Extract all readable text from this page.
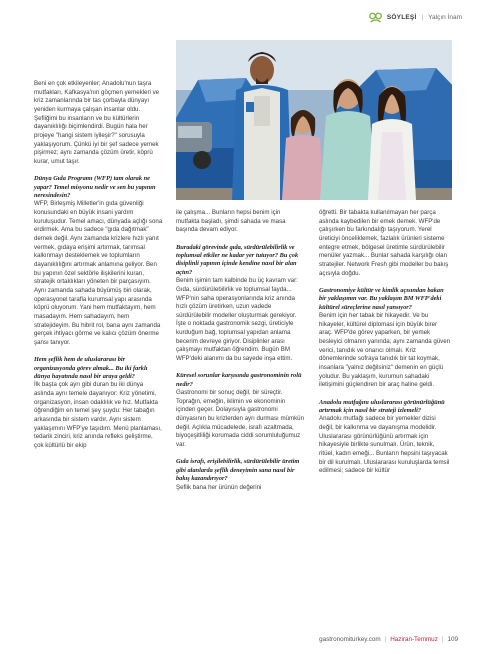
SÖYLEŞİ | Yalçın İnam

Beni en çok etkileyenler; Anadolu'nun taşra mutfakları, Kafkasya'nın göçmen yemekleri ve kriz zamanlarında bir tas çorbayla dünyayı yeniden kurmaya çalışan insanlar oldu. Şefliğimi bu insanların ve bu kültürlerin dayanıklılığı biçimlendirdi. Bugün hala her projeye "hangi sistem iyileşir?" sorusuyla yaklaşıyorum. Çünkü iyi bir şef sadece yemek pişirmez; aynı zamanda çözüm üretir, köprü kurar, umut taşır.

Dünya Gıda Programı (WFP) tam olarak ne yapar? Temel misyonu nedir ve sen bu yapının neresindesin?

WFP, Birleşmiş Milletler'in gıda güvenliği konusundaki en büyük insani yardım kuruluşudur. Temel amacı, dünyada açlığı sona erdirmek. Ama bu sadece "gıda dağıtmak" demek değil. Aynı zamanda krizlere hızlı yanıt vermek, gıdaya erişimi artırmak, tarımsal kalkınmayı desteklemek ve toplumların dayanıklılığını artırmak anlamına geliyor. Ben bu yapının özel sektörle ilişkilerini kuran, stratejik ortaklıkları yöneten bir parçasıyım. Aynı zamanda sahada büyümüş biri olarak, operasyonel tarafla kurumsal yapı arasında köprü oluyorum. Yani hem mutfaktayım, hem masadayım. Hem sahadayım, hem stratejideyim. Bu hibrit rol, bana aynı zamanda gerçek ihtiyacı görme ve kalıcı çözüm önerme şansı tanıyor.

Hem şeflik hem de uluslararası bir organizasyonda görev almak... Bu iki farklı dünya hayatında nasıl bir araya geldi?

İlk başta çok ayrı gibi duran bu iki dünya aslında aynı temele dayanıyor: Kriz yönetimi, organizasyon, insan odaklılık ve hız. Mutfakta öğrendiğim en temel şey şuydu: Her tabağın arkasında bir sistem vardır. Aynı sistem yaklaşımını WFP'ye taşıdım. Menü planlaması, tedarik zinciri, kriz anında refleks geliştirme, çok kültürlü bir ekip

ile çalışma... Bunların hepsi benim için mutfakta başladı, şimdi sahada ve masa başında devam ediyor.

Buradaki görevinde gıda, sürdürülebilirlik ve toplumsal etkiler ne kadar yer tutuyor? Bu çok disiplinli yapının içinde kendine nasıl bir alan açtın?

Benim işimin tam kalbinde bu üç kavram var: Gıda, sürdürülebilirlik ve toplumsal fayda... WFP'nin saha operasyonlarında kriz anında hızlı çözüm üretirken, uzun vadede sürdürülebilir modeller oluşturmak gerekiyor. İşte o noktada gastronomik sezgi, üreticiyle kurduğum bağ, toplumsal yapıdan anlama becerim devreye giriyor. Disiplinler arası çalışmayı mutfaktan öğrendim. Bugün BM WFP'deki alanımı da bu sayede inşa ettim.

Küresel sorunlar karşısında gastronominin rolü nedir?

Gastronomi bir sonuç değil, bir süreçtir. Toprağın, emeğin, iklimin ve ekonominin içinden geçer. Dolayısıyla gastronomi dünyasının bu krizlerden ayrı durması mümkün değil. Açlıkla mücadelede, israfı azaltmada, biyoçeşitliliği korumada ciddi sorumluluğumuz var.

Gıda israfı, erişilebilirlik, sürdürülebilir üretim gibi alanlarda şeflik deneyimin sana nasıl bir bakış kazandırıyor?

Şeflik bana her ürünün değerini

öğretti. Bir tabakta kullanılmayan her parça aslında kaybedilen bir emek demek. WFP'de çalışırken bu farkındalığı taşıyorum. Yerel üreticiyi önceliklemek, fazlalık ürünleri sisteme entegre etmek, bölgesel üretimle sürdürülebilir menüler yazmak... Bunlar sahada karşılığı olan stratejiler. Network Fresh gibi modeller bu bakış açısıyla doğdu.

Gastronomiye kültür ve kimlik açısından bakan bir yaklaşımın var. Bu yaklaşım BM WFP'deki kültürel süreçlerine nasıl yansıyor?

Benim için her tabak bir hikayedir. Ve bu hikayeler, kültürel diplomasi için büyük birer araç. WFP'de görev yaparken, bir yemek besleyici olmanın yanında; aynı zamanda güven verici, tanıdık ve onarıcı olmalı. Kriz dönemlerinde sofraya tanıdık bir tat koymak, insanlara "yalnız değilsiniz" demenin en güçlü yoludur. Bu yaklaşım, kurumun sahadaki iletişimini güçlendiren bir araç haline geldi.

Anadolu mutfağını uluslararası görünürlüğünü artırmak için nasıl bir strateji izlemeli?

Anadolu mutfağı sadece bir yemekler dizisi değil, bir kalkınma ve dayanışma modelidir. Uluslararası görünürlüğünü artırmak için hikayesiyle birlikte sunulmalı. Ürün, teknik, ritüel, kadın emeği... Bunların hepsini taşıyacak bir dil kurulmalı. Uluslararası kuruluşlarda temsil edilmesi; sadece bir kültür

gastronomiturkey.com | Haziran-Temmuz | 109
